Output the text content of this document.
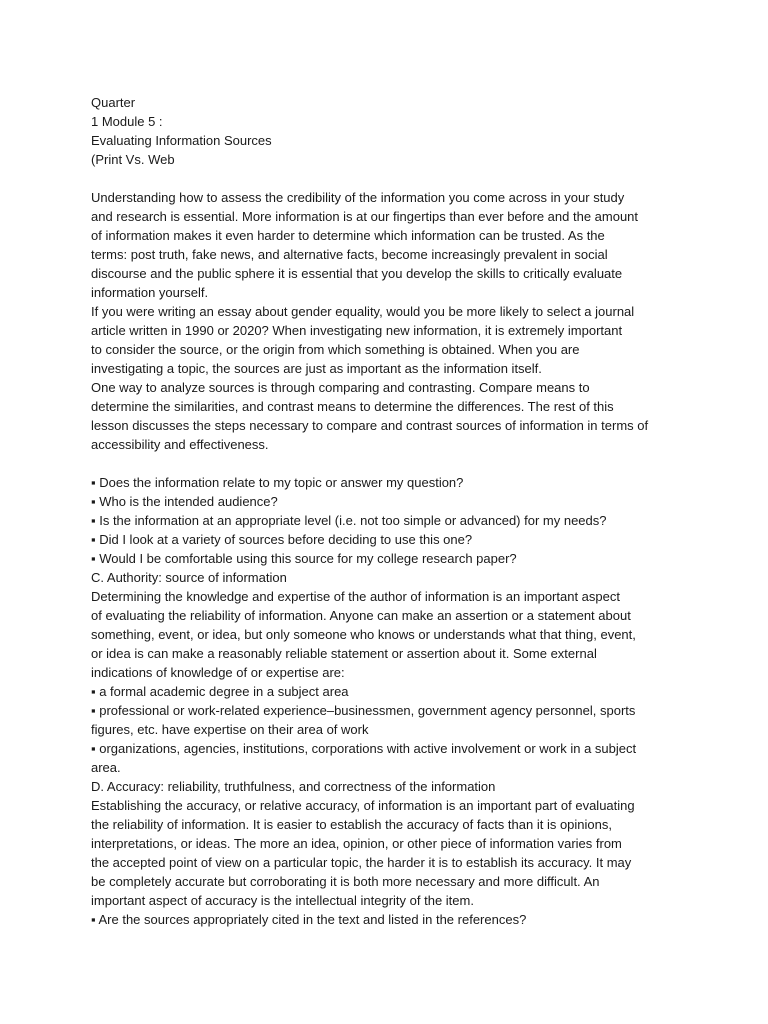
Quarter

1 Module 5 :

Evaluating Information Sources

(Print Vs. Web

Understanding how to assess the credibility of the information you come across in your study

and research is essential. More information is at our fingertips than ever before and the amount

of information makes it even harder to determine which information can be trusted. As the

terms: post truth, fake news, and alternative facts, become increasingly prevalent in social

discourse and the public sphere it is essential that you develop the skills to critically evaluate

information yourself.

If you were writing an essay about gender equality, would you be more likely to select a journal

article written in 1990 or 2020? When investigating new information, it is extremely important

to consider the source, or the origin from which something is obtained. When you are

investigating a topic, the sources are just as important as the information itself.

One way to analyze sources is through comparing and contrasting. Compare means to

determine the similarities, and contrast means to determine the differences. The rest of this

lesson discusses the steps necessary to compare and contrast sources of information in terms of

accessibility and effectiveness.

▪ Does the information relate to my topic or answer my question?

▪ Who is the intended audience?

▪ Is the information at an appropriate level (i.e. not too simple or advanced) for my needs?

▪ Did I look at a variety of sources before deciding to use this one?

▪ Would I be comfortable using this source for my college research paper?

C. Authority: source of information

Determining the knowledge and expertise of the author of information is an important aspect

of evaluating the reliability of information. Anyone can make an assertion or a statement about

something, event, or idea, but only someone who knows or understands what that thing, event,

or idea is can make a reasonably reliable statement or assertion about it. Some external

indications of knowledge of or expertise are:

▪ a formal academic degree in a subject area

▪ professional or work-related experience–businessmen, government agency personnel, sports

figures, etc. have expertise on their area of work

▪ organizations, agencies, institutions, corporations with active involvement or work in a subject

area.

D. Accuracy: reliability, truthfulness, and correctness of the information

Establishing the accuracy, or relative accuracy, of information is an important part of evaluating

the reliability of information. It is easier to establish the accuracy of facts than it is opinions,

interpretations, or ideas. The more an idea, opinion, or other piece of information varies from

the accepted point of view on a particular topic, the harder it is to establish its accuracy. It may

be completely accurate but corroborating it is both more necessary and more difficult. An

important aspect of accuracy is the intellectual integrity of the item.

▪ Are the sources appropriately cited in the text and listed in the references?
